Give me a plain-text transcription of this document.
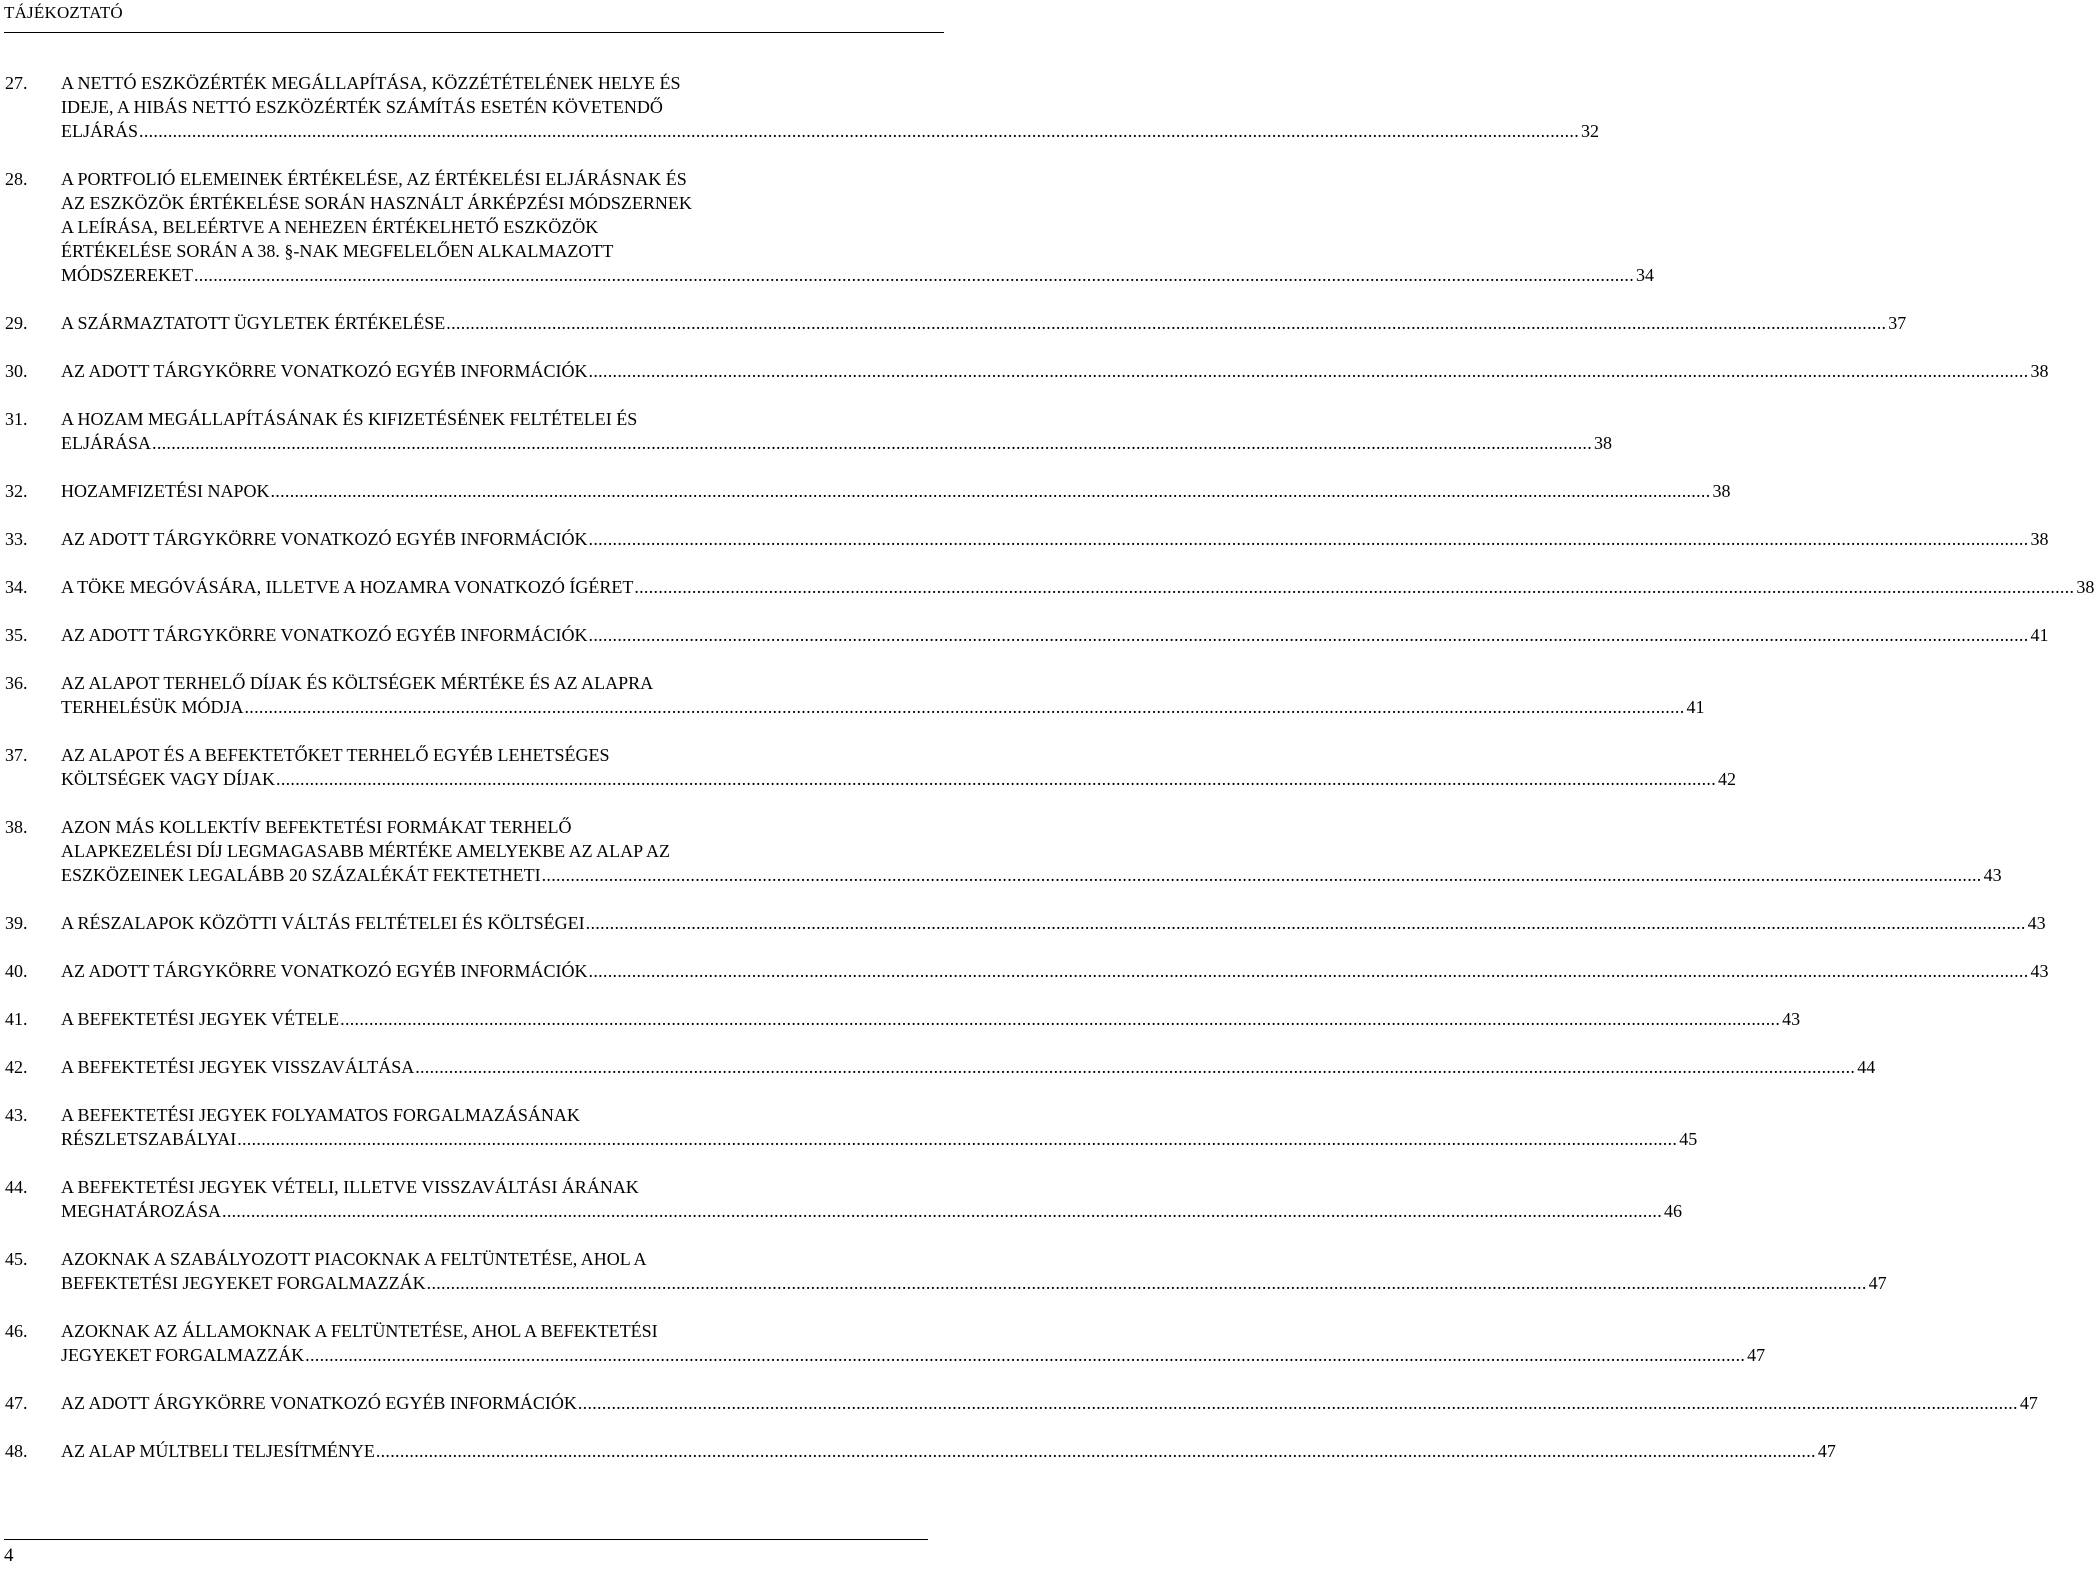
TÁJÉKOZTATÓ
27.	A NETTÓ ESZKÖZÉRTÉK MEGÁLLAPÍTÁSA, KÖZZÉTÉTELÉNEK HELYE ÉS
IDEJE, A HIBÁS NETTÓ ESZKÖZÉRTÉK SZÁMÍTÁS ESETÉN KÖVETENDŐ
ELJÁRÁS ............................................................................................................................................................................................................................................................................................................ 32
28.	A PORTFOLIÓ ELEMEINEK ÉRTÉKELÉSE, AZ ÉRTÉKELÉSI ELJÁRÁSNAK ÉS
AZ ESZKÖZÖK ÉRTÉKELÉSE SORÁN HASZNÁLT ÁRKÉPZÉSI MÓDSZERNEK
A LEÍRÁSA, BELEÉRTVE A NEHEZEN ÉRTÉKELHETŐ ESZKÖZÖK
ÉRTÉKELÉSE SORÁN A 38. §-NAK MEGFELELŐEN ALKALMAZOTT
MÓDSZEREKET ............................................................................................................................................................................................................................................................................................................ 34
29.	A SZÁRMAZTATOTT ÜGYLETEK ÉRTÉKELÉSE ............................................................................................................................................................................................................................................................................................................ 37
30.	AZ ADOTT TÁRGYKÖRRE VONATKOZÓ EGYÉB INFORMÁCIÓK ............................................................................................................................................................................................................................................................................................................ 38
31.	A HOZAM MEGÁLLAPÍTÁSÁNAK ÉS KIFIZETÉSÉNEK FELTÉTELEI ÉS
ELJÁRÁSA ............................................................................................................................................................................................................................................................................................................ 38
32.	HOZAMFIZETÉSI NAPOK ............................................................................................................................................................................................................................................................................................................ 38
33.	AZ ADOTT TÁRGYKÖRRE VONATKOZÓ EGYÉB INFORMÁCIÓK ............................................................................................................................................................................................................................................................................................................ 38
34.	A TÖKE MEGÓVÁSÁRA, ILLETVE A HOZAMRA VONATKOZÓ ÍGÉRET ............................................................................................................................................................................................................................................................................................................ 38
35.	AZ ADOTT TÁRGYKÖRRE VONATKOZÓ EGYÉB INFORMÁCIÓK ............................................................................................................................................................................................................................................................................................................ 41
36.	AZ ALAPOT TERHELŐ DÍJAK ÉS KÖLTSÉGEK MÉRTÉKE ÉS AZ ALAPRA
TERHELÉSÜK MÓDJA ............................................................................................................................................................................................................................................................................................................ 41
37.	AZ ALAPOT ÉS A BEFEKTETŐKET TERHELŐ EGYÉB LEHETSÉGES
KÖLTSÉGEK VAGY DÍJAK ............................................................................................................................................................................................................................................................................................................ 42
38.	AZON MÁS KOLLEKTÍV BEFEKTETÉSI FORMÁKAT TERHELŐ
ALAPKEZELÉSI DÍJ LEGMAGASABB MÉRTÉKE AMELYEKBE AZ ALAP AZ
ESZKÖZEINEK LEGALÁBB 20 SZÁZALÉKÁT FEKTETHETI ............................................................................................................................................................................................................................................................................................................ 43
39.	A RÉSZALAPOK KÖZÖTTI VÁLTÁS FELTÉTELEI ÉS KÖLTSÉGEI ............................................................................................................................................................................................................................................................................................................ 43
40.	AZ ADOTT TÁRGYKÖRRE VONATKOZÓ EGYÉB INFORMÁCIÓK ............................................................................................................................................................................................................................................................................................................ 43
41.	A BEFEKTETÉSI JEGYEK VÉTELE ............................................................................................................................................................................................................................................................................................................ 43
42.	A BEFEKTETÉSI JEGYEK VISSZAVÁLTÁSA ............................................................................................................................................................................................................................................................................................................ 44
43.	A BEFEKTETÉSI JEGYEK FOLYAMATOS FORGALMAZÁSÁNAK
RÉSZLETSZABÁLYAI ............................................................................................................................................................................................................................................................................................................ 45
44.	A BEFEKTETÉSI JEGYEK VÉTELI, ILLETVE VISSZAVÁLTÁSI ÁRÁNAK
MEGHATÁROZÁSA ............................................................................................................................................................................................................................................................................................................ 46
45.	AZOKNAK A SZABÁLYOZOTT PIACOKNAK A FELTÜNTETÉSE, AHOL A
BEFEKTETÉSI JEGYEKET FORGALMAZZÁK ............................................................................................................................................................................................................................................................................................................ 47
46.	AZOKNAK AZ ÁLLAMOKNAK A FELTÜNTETÉSE, AHOL A BEFEKTETÉSI
JEGYEKET FORGALMAZZÁK ............................................................................................................................................................................................................................................................................................................ 47
47.	AZ ADOTT ÁRGYKÖRRE VONATKOZÓ EGYÉB INFORMÁCIÓK ............................................................................................................................................................................................................................................................................................................ 47
48.	AZ ALAP MÚLTBELI TELJESÍTMÉNYE ............................................................................................................................................................................................................................................................................................................ 47
4
